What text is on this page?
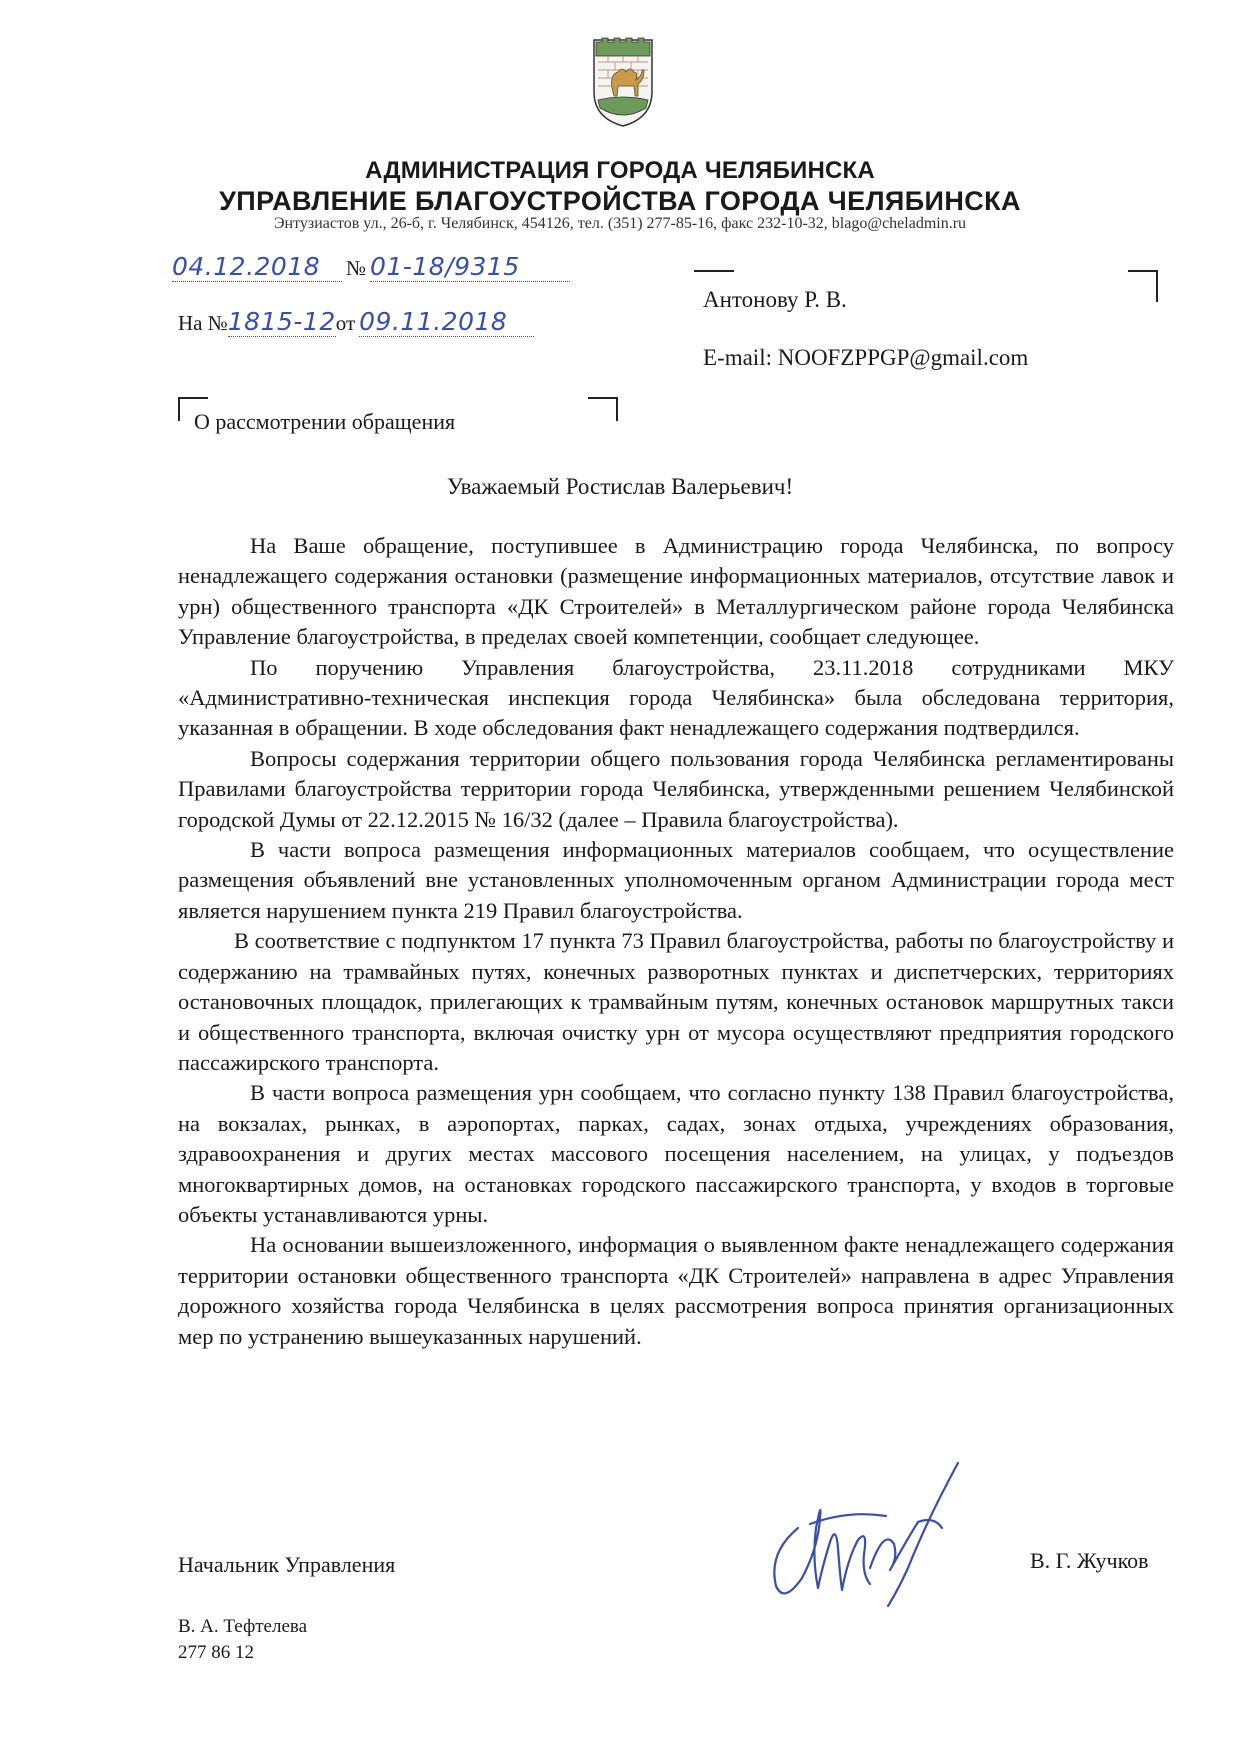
АДМИНИСТРАЦИЯ ГОРОДА ЧЕЛЯБИНСКА
УПРАВЛЕНИЕ БЛАГОУСТРОЙСТВА ГОРОДА ЧЕЛЯБИНСКА
Энтузиастов ул., 26-б, г. Челябинск, 454126, тел. (351) 277-85-16, факс 232-10-32, blago@cheladmin.ru
04.12.2018 № 01-18/9315
На №1815-12от 09.11.2018
Антонову Р. В.
E-mail: NOOFZPPGP@gmail.com
О рассмотрении обращения
Уважаемый Ростислав Валерьевич!

На Ваше обращение, поступившее в Администрацию города Челябинска, по вопросу ненадлежащего содержания остановки (размещение информационных материалов, отсутствие лавок и урн) общественного транспорта «ДК Строителей» в Металлургическом районе города Челябинска Управление благоустройства, в пределах своей компетенции, сообщает следующее.

По поручению Управления благоустройства, 23.11.2018 сотрудниками МКУ «Административно-техническая инспекция города Челябинска» была обследована территория, указанная в обращении. В ходе обследования факт ненадлежащего содержания подтвердился.

Вопросы содержания территории общего пользования города Челябинска регламентированы Правилами благоустройства территории города Челябинска, утвержденными решением Челябинской городской Думы от 22.12.2015 № 16/32 (далее – Правила благоустройства).

В части вопроса размещения информационных материалов сообщаем, что осуществление размещения объявлений вне установленных уполномоченным органом Администрации города мест является нарушением пункта 219 Правил благоустройства.

В соответствие с подпунктом 17 пункта 73 Правил благоустройства, работы по благоустройству и содержанию на трамвайных путях, конечных разворотных пунктах и диспетчерских, территориях остановочных площадок, прилегающих к трамвайным путям, конечных остановок маршрутных такси и общественного транспорта, включая очистку урн от мусора осуществляют предприятия городского пассажирского транспорта.

В части вопроса размещения урн сообщаем, что согласно пункту 138 Правил благоустройства, на вокзалах, рынках, в аэропортах, парках, садах, зонах отдыха, учреждениях образования, здравоохранения и других местах массового посещения населением, на улицах, у подъездов многоквартирных домов, на остановках городского пассажирского транспорта, у входов в торговые объекты устанавливаются урны.

На основании вышеизложенного, информация о выявленном факте ненадлежащего содержания территории остановки общественного транспорта «ДК Строителей» направлена в адрес Управления дорожного хозяйства города Челябинска в целях рассмотрения вопроса принятия организационных мер по устранению вышеуказанных нарушений.

Начальник Управления	В. Г. Жучков
В. А. Тефтелева
277 86 12
